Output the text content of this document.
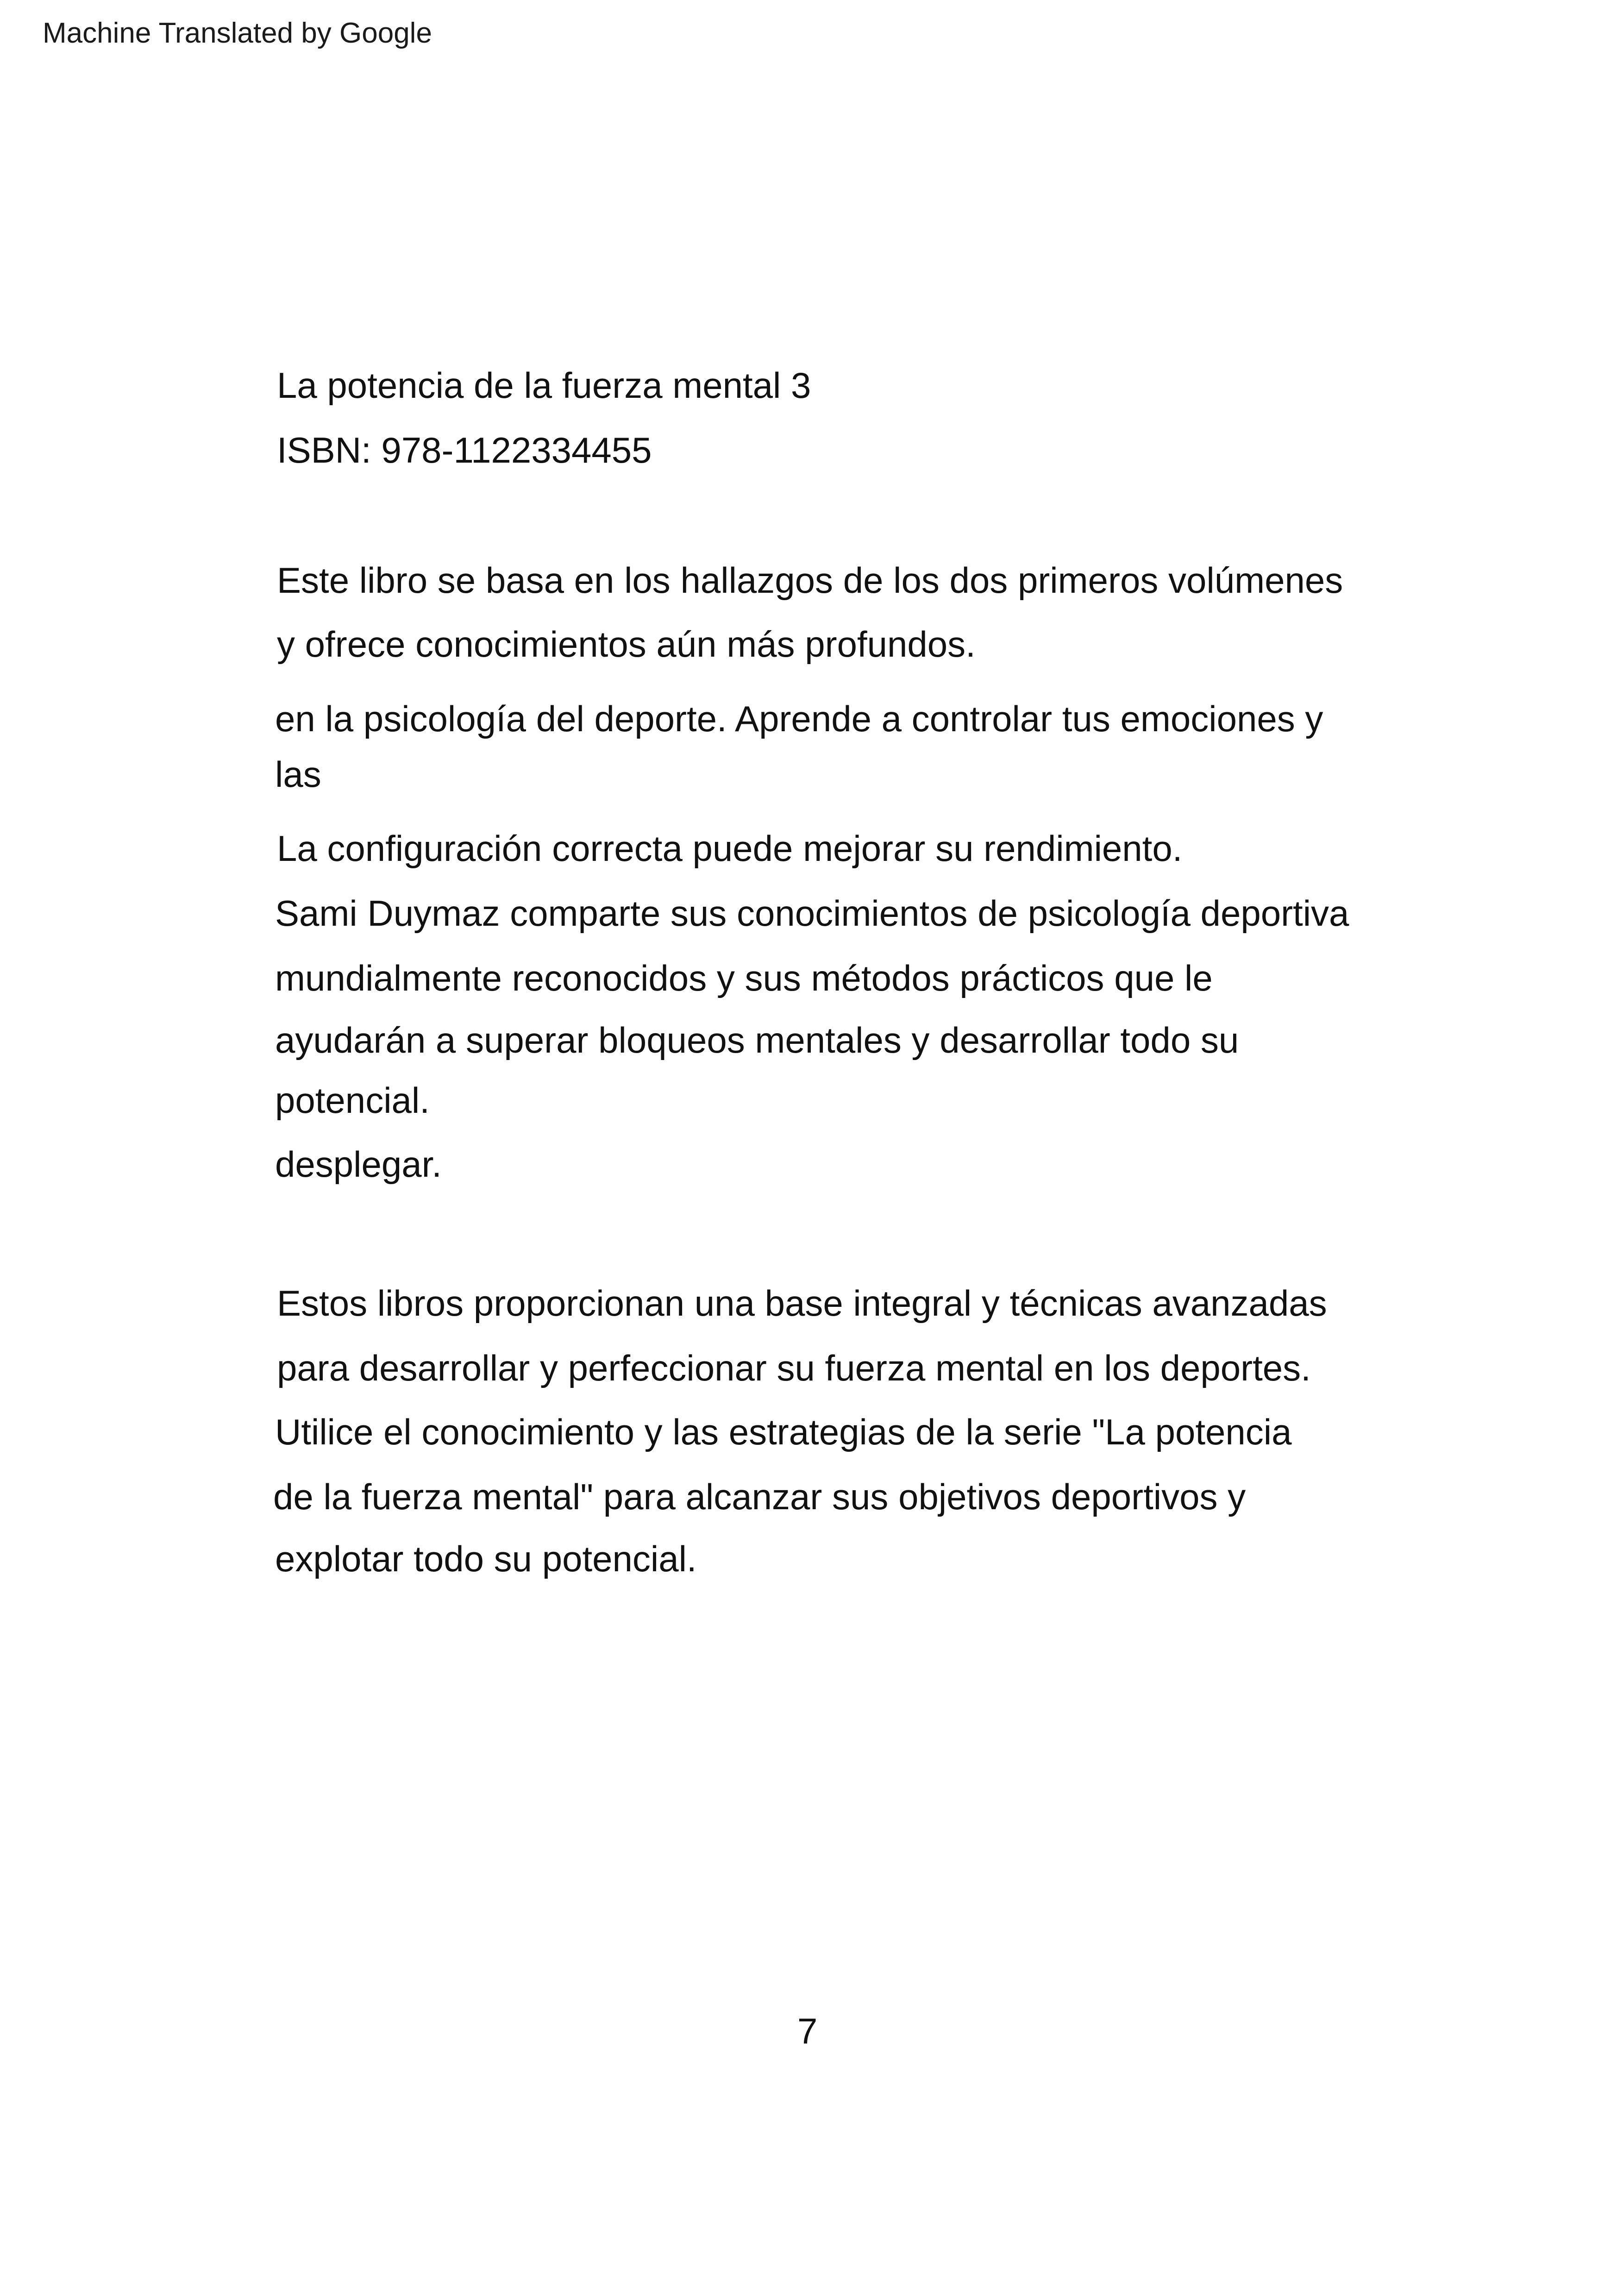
Machine Translated by Google
La potencia de la fuerza mental 3
ISBN: 978-1122334455
Este libro se basa en los hallazgos de los dos primeros volúmenes
y ofrece conocimientos aún más profundos.
en la psicología del deporte. Aprende a controlar tus emociones y
las
La configuración correcta puede mejorar su rendimiento.
Sami Duymaz comparte sus conocimientos de psicología deportiva
mundialmente reconocidos y sus métodos prácticos que le
ayudarán a superar bloqueos mentales y desarrollar todo su
potencial.
desplegar.
Estos libros proporcionan una base integral y técnicas avanzadas
para desarrollar y perfeccionar su fuerza mental en los deportes.
Utilice el conocimiento y las estrategias de la serie "La potencia
de la fuerza mental" para alcanzar sus objetivos deportivos y
explotar todo su potencial.
7
